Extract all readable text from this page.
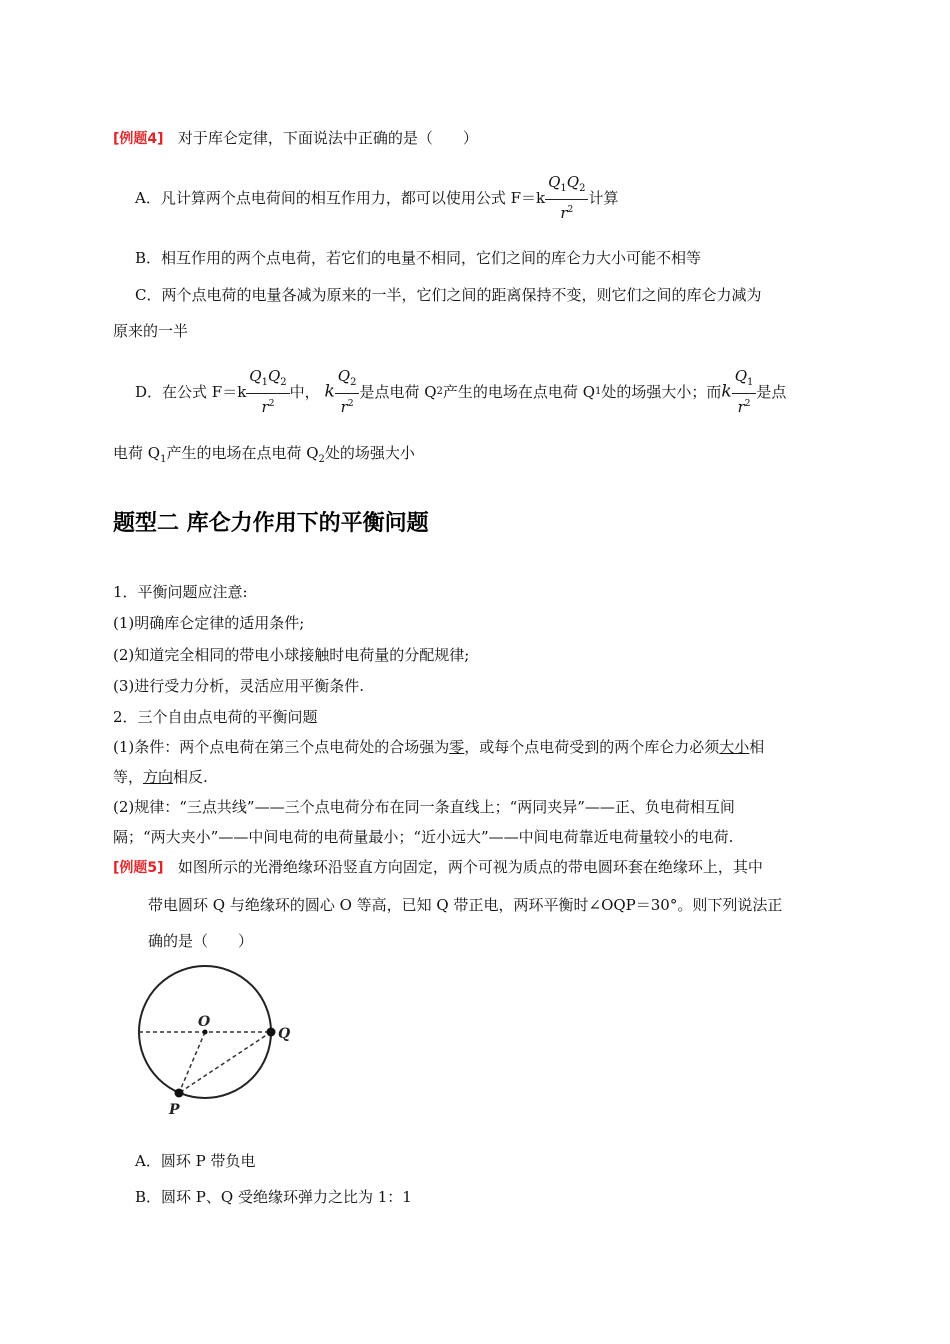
[例题4] 对于库仑定律，下面说法中正确的是（　　）
A．凡计算两个点电荷间的相互作用力，都可以使用公式 $F=k \frac{Q_1Q_2}{r^2}$ 计算
B．相互作用的两个点电荷，若它们的电量不相同，它们之间的库仑力大小可能不相等
C．两个点电荷的电量各减为原来的一半，它们之间的距离保持不变，则它们之间的库仑力减为
原来的一半
D．在公式 $F=k \frac{Q_1Q_2}{r^2}$ 中， k $\frac{Q_2}{r^2}$ 是点电荷 Q2产生的电场在点电荷 Q1处的场强大小；而k $\frac{Q_1}{r^2}$ 是点
电荷 $Q_1$产生的电场在点电荷 $Q_2$处的场强大小
题型二 库仑力作用下的平衡问题
1．平衡问题应注意:
(1)明确库仑定律的适用条件;
(2)知道完全相同的带电小球接触时电荷量的分配规律;
(3)进行受力分析，灵活应用平衡条件.
2．三个自由点电荷的平衡问题
(1)条件：两个点电荷在第三个点电荷处的合场强为零，或每个点电荷受到的两个库仑力必须大小相
等，方向相反.
(2)规律：“三点共线”——三个点电荷分布在同一条直线上；“两同夹异”——正、负电荷相互间
隔；“两大夹小”——中间电荷的电荷量最小；“近小远大”——中间电荷靠近电荷量较小的电荷.
[例题5] 如图所示的光滑绝缘环沿竖直方向固定，两个可视为质点的带电圆环套在绝缘环上，其中
带电圆环 Q 与绝缘环的圆心 O 等高，已知 Q 带正电，两环平衡时∠OQP＝30°。则下列说法正
确的是（　　）
O
Q
P
A．圆环 P 带负电
B．圆环 P、Q 受绝缘环弹力之比为 1：1
